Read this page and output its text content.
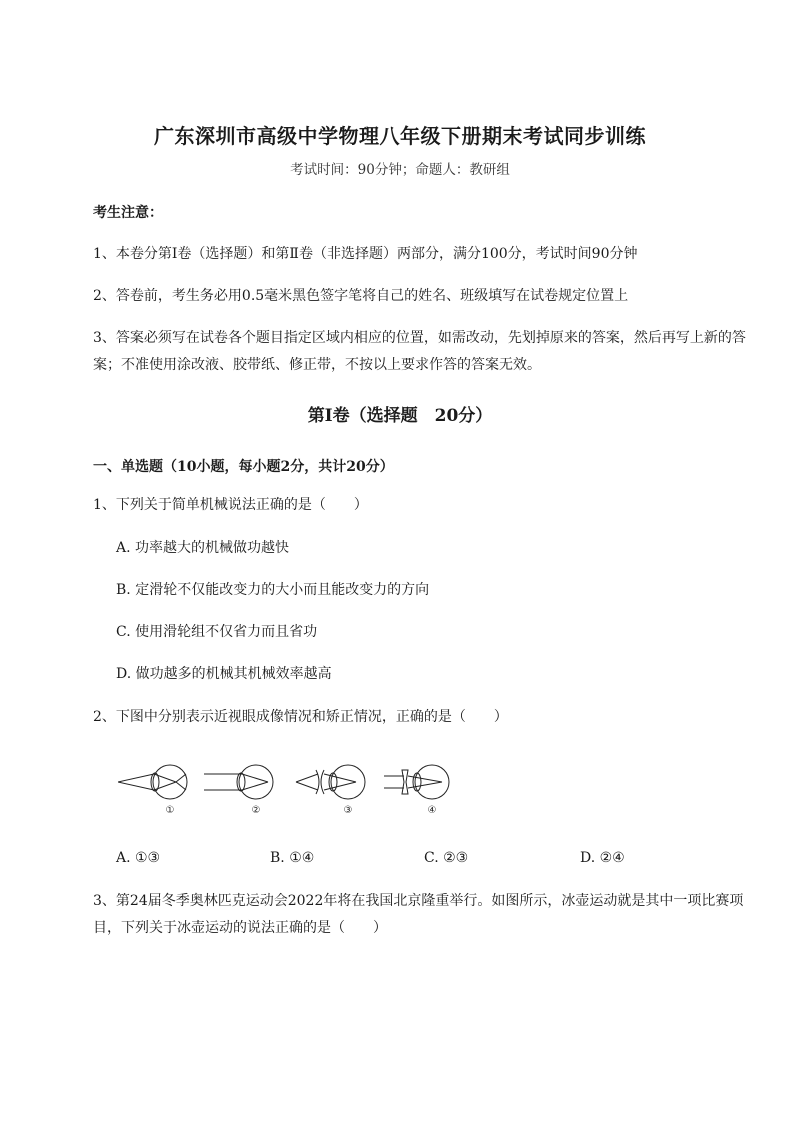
广东深圳市高级中学物理八年级下册期末考试同步训练
考试时间：90分钟；命题人：教研组
考生注意：
1、本卷分第Ⅰ卷（选择题）和第Ⅱ卷（非选择题）两部分，满分100分，考试时间90分钟
2、答卷前，考生务必用0.5毫米黑色签字笔将自己的姓名、班级填写在试卷规定位置上
3、答案必须写在试卷各个题目指定区域内相应的位置，如需改动，先划掉原来的答案，然后再写上新的答案；不准使用涂改液、胶带纸、修正带，不按以上要求作答的答案无效。
第Ⅰ卷（选择题　20分）
一、单选题（10小题，每小题2分，共计20分）
1、下列关于简单机械说法正确的是（　　）
A. 功率越大的机械做功越快
B. 定滑轮不仅能改变力的大小而且能改变力的方向
C. 使用滑轮组不仅省力而且省功
D. 做功越多的机械其机械效率越高
2、下图中分别表示近视眼成像情况和矫正情况，正确的是（　　）
①	②	③	④
A. ①③	B. ①④	C. ②③	D. ②④
3、第24届冬季奥林匹克运动会2022年将在我国北京隆重举行。如图所示，冰壶运动就是其中一项比赛项目，下列关于冰壶运动的说法正确的是（　　）
